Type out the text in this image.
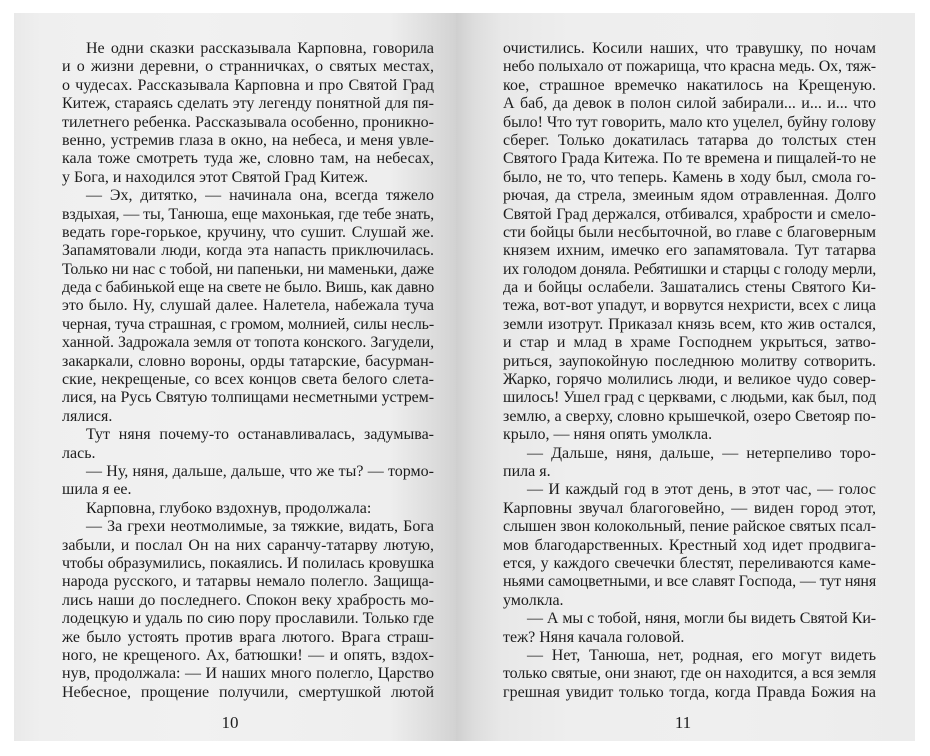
Не одни сказки рассказывала Карповна, говорила
и о жизни деревни, о странничках, о святых местах,
о чудесах. Рассказывала Карповна и про Святой Град
Китеж, стараясь сделать эту легенду понятной для пя-
тилетнего ребенка. Рассказывала особенно, проникно-
венно, устремив глаза в окно, на небеса, и меня увле-
кала тоже смотреть туда же, словно там, на небесах,
у Бога, и находился этот Святой Град Китеж.
— Эх, дитятко, — начинала она, всегда тяжело
вздыхая, — ты, Танюша, еще махонькая, где тебе знать,
ведать горе-горькое, кручину, что сушит. Слушай же.
Запамятовали люди, когда эта напасть приключилась.
Только ни нас с тобой, ни папеньки, ни маменьки, даже
деда с бабинькой еще на свете не было. Вишь, как давно
это было. Ну, слушай далее. Налетела, набежала туча
черная, туча страшная, с громом, молнией, силы несль-
ханной. Задрожала земля от топота конского. Загудели,
закаркали, словно вороны, орды татарские, басурман-
ские, некрещеные, со всех концов света белого слета-
лися, на Русь Святую толпищами несметными устрем-
лялися.
Тут няня почему-то останавливалась, задумыва-
лась.
— Ну, няня, дальше, дальше, что же ты? — тормо-
шила я ее.
Карповна, глубоко вздохнув, продолжала:
— За грехи неотмолимые, за тяжкие, видать, Бога
забыли, и послал Он на них саранчу-татарву лютую,
чтобы образумились, покаялись. И полилась кровушка
народа русского, и татарвы немало полегло. Защища-
лись наши до последнего. Спокон веку храбрость мо-
лодецкую и удаль по сию пору прославили. Только где
же было устоять против врага лютого. Врага страш-
ного, не крещеного. Ах, батюшки! — и опять, вздох-
нув, продолжала: — И наших много полегло, Царство
Небесное, прощение получили, смертушкой лютой
10
очистились. Косили наших, что травушку, по ночам
небо полыхало от пожарища, что красна медь. Ох, тяж-
кое, страшное времечко накатилось на Крещеную.
А баб, да девок в полон силой забирали... и... и... что
было! Что тут говорить, мало кто уцелел, буйну голову
сберег. Только докатилась татарва до толстых стен
Святого Града Китежа. По те времена и пищалей-то не
было, не то, что теперь. Камень в ходу был, смола го-
рючая, да стрела, змеиным ядом отравленная. Долго
Святой Град держался, отбивался, храбрости и смело-
сти бойцы были несбыточной, во главе с благоверным
князем ихним, имечко его запамятовала. Тут татарва
их голодом доняла. Ребятишки и старцы с голоду мерли,
да и бойцы ослабели. Зашатались стены Святого Ки-
тежа, вот-вот упадут, и ворвутся нехристи, всех с лица
земли изотрут. Приказал князь всем, кто жив остался,
и стар и млад в храме Господнем укрыться, затво-
риться, заупокойную последнюю молитву сотворить.
Жарко, горячо молились люди, и великое чудо совер-
шилось! Ушел град с церквами, с людьми, как был, под
землю, а сверху, словно крышечкой, озеро Светояр по-
крыло, — няня опять умолкла.
— Дальше, няня, дальше, — нетерпеливо торо-
пила я.
— И каждый год в этот день, в этот час, — голос
Карповны звучал благоговейно, — виден город этот,
слышен звон колокольный, пение райское святых псал-
мов благодарственных. Крестный ход идет продвига-
ется, у каждого свечечки блестят, переливаются каме-
ньями самоцветными, и все славят Господа, — тут няня
умолкла.
— А мы с тобой, няня, могли бы видеть Святой Ки-
теж? Няня качала головой.
— Нет, Танюша, нет, родная, его могут видеть
только святые, они знают, где он находится, а вся земля
грешная увидит только тогда, когда Правда Божия на
11
